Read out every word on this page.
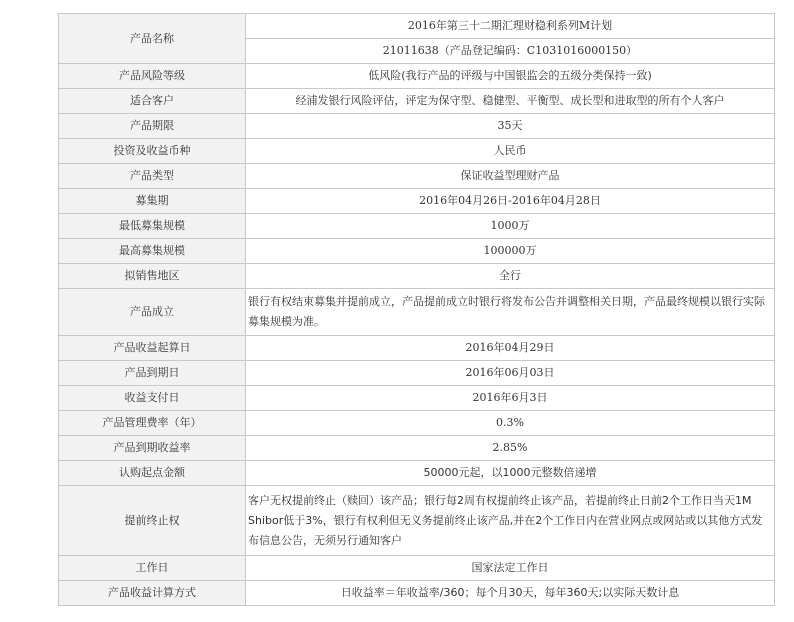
产品名称	2016年第三十二期汇理财稳利系列M计划
	21011638（产品登记编码：C1031016000150）
产品风险等级	低风险(我行产品的评级与中国银监会的五级分类保持一致)
适合客户	经浦发银行风险评估，评定为保守型、稳健型、平衡型、成长型和进取型的所有个人客户
产品期限	35天
投资及收益币种	人民币
产品类型	保证收益型理财产品
募集期	2016年04月26日-2016年04月28日
最低募集规模	1000万
最高募集规模	100000万
拟销售地区	全行
产品成立	银行有权结束募集并提前成立，产品提前成立时银行将发布公告并调整相关日期，产品最终规模以银行实际募集规模为准。
产品收益起算日	2016年04月29日
产品到期日	2016年06月03日
收益支付日	2016年6月3日
产品管理费率（年）	0.3%
产品到期收益率	2.85%
认购起点金额	50000元起，以1000元整数倍递增
提前终止权	客户无权提前终止（赎回）该产品；银行每2周有权提前终止该产品，若提前终止日前2个工作日当天1M Shibor低于3%，银行有权利但无义务提前终止该产品,并在2个工作日内在营业网点或网站或以其他方式发布信息公告，无须另行通知客户
工作日	国家法定工作日
产品收益计算方式	日收益率＝年收益率/360；每个月30天，每年360天;以实际天数计息
